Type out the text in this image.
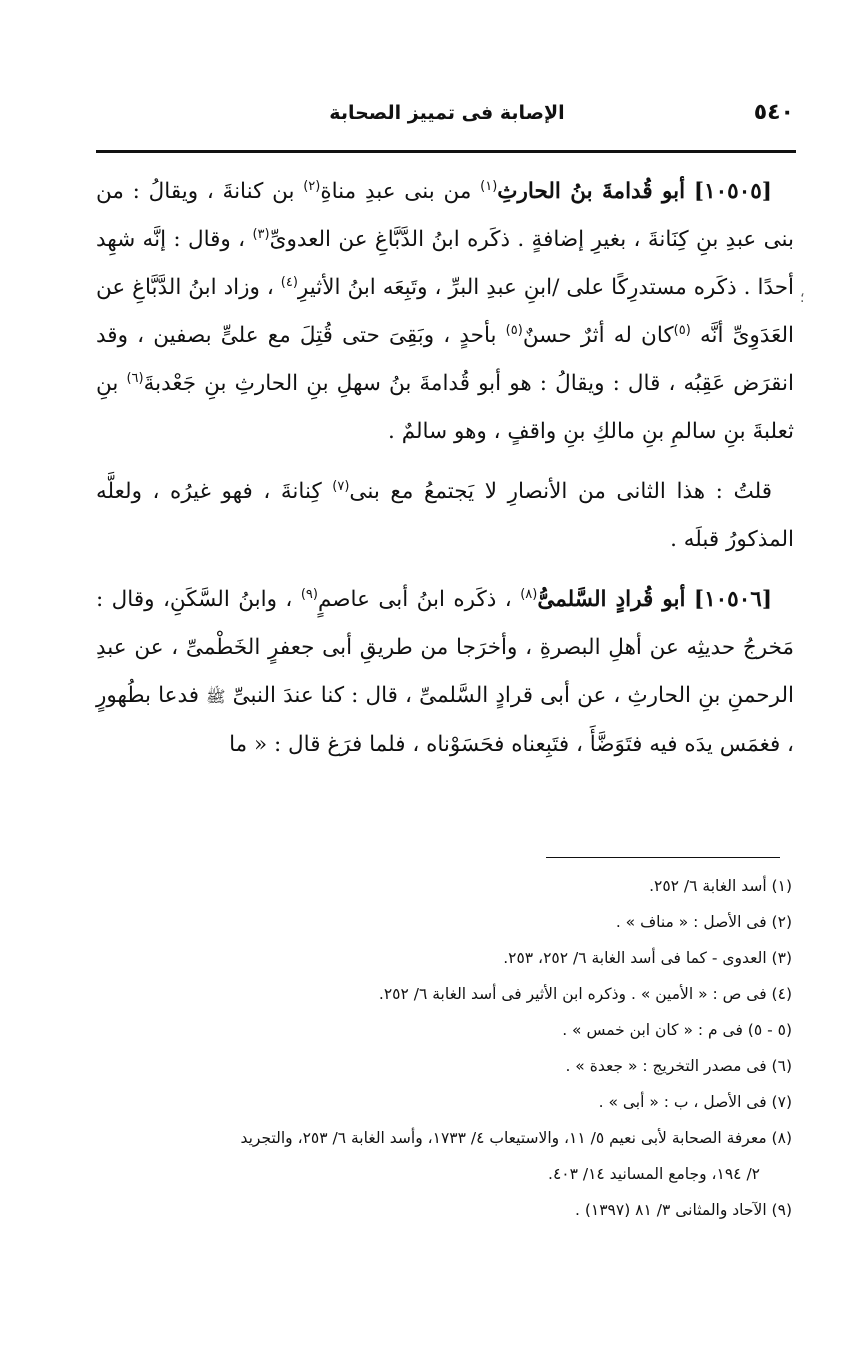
٥٤٠
الإصابة فى تمييز الصحابة
؛

[١٠٥٠٥] أبو قُدامةَ بنُ الحارثِ$^{(١)}$ من بنى عبدِ مناةِ$^{(٢)}$ بن كنانةَ ، ويقالُ : من بنى عبدِ بنِ كِنَانةَ ، بغيرِ إضافةٍ . ذكَره ابنُ الدَّبَّاغِ عن العدوىِّ$^{(٣)}$ ، وقال : إنَّه شهِد أحدًا . ذكَره مستدرِكًا على /ابنِ عبدِ البرِّ ، وتَبِعَه ابنُ الأثيرِ$^{(٤)}$ ، وزاد ابنُ الدَّبَّاغِ عن العَدَوِىِّ أنَّه $^{(٥)}$كان له أثرٌ حسنٌ$^{(٥)}$ بأحدٍ ، وبَقِىَ حتى قُتِلَ مع علىٍّ بصفين ، وقد انقرَض عَقِبُه ، قال : ويقالُ : هو أبو قُدامةَ بنُ سهلِ بنِ الحارثِ بنِ جَعْدبةَ$^{(٦)}$ بنِ ثعلبةَ بنِ سالمِ بنِ مالكِ بنِ واقفٍ ، وهو سالمٌ .

قلتُ : هذا الثانى من الأنصارِ لا يَجتمعُ مع بنى$^{(٧)}$ كِنانةَ ، فهو غيرُه ، ولعلَّه المذكورُ قبلَه .

[١٠٥٠٦] أبو قُرادٍ السَّلمىُّ$^{(٨)}$ ، ذكَره ابنُ أبى عاصمٍ$^{(٩)}$ ، وابنُ السَّكَنِ، وقال : مَخرجُ حديثِه عن أهلِ البصرةِ ، وأخرَجا من طريقِ أبى جعفرٍ الخَطْمىِّ ، عن عبدِ الرحمنِ بنِ الحارثِ ، عن أبى قرادٍ السَّلمىِّ ، قال : كنا عندَ النبىِّ ﷺ فدعا بطُهورٍ ، فغمَس يدَه فيه فتَوَضَّأَ ، فتَبِعناه فحَسَوْناه ، فلما فرَغ قال : « ما

(١) أسد الغابة ٦/ ٢٥٢.

(٢) فى الأصل : « مناف » .

(٣) العدوى - كما فى أسد الغابة ٦/ ٢٥٢، ٢٥٣.

(٤) فى ص : « الأمين » . وذكره ابن الأثير فى أسد الغابة ٦/ ٢٥٢.

(٥ - ٥) فى م : « كان ابن خمس » .

(٦) فى مصدر التخريج : « جعدة » .

(٧) فى الأصل ، ب : « أبى » .

(٨) معرفة الصحابة لأبى نعيم ٥/ ١١، والاستيعاب ٤/ ١٧٣٣، وأسد الغابة ٦/ ٢٥٣، والتجريد

٢/ ١٩٤، وجامع المسانيد ١٤/ ٤٠٣.

(٩) الآحاد والمثانى ٣/ ٨١ (١٣٩٧) .
